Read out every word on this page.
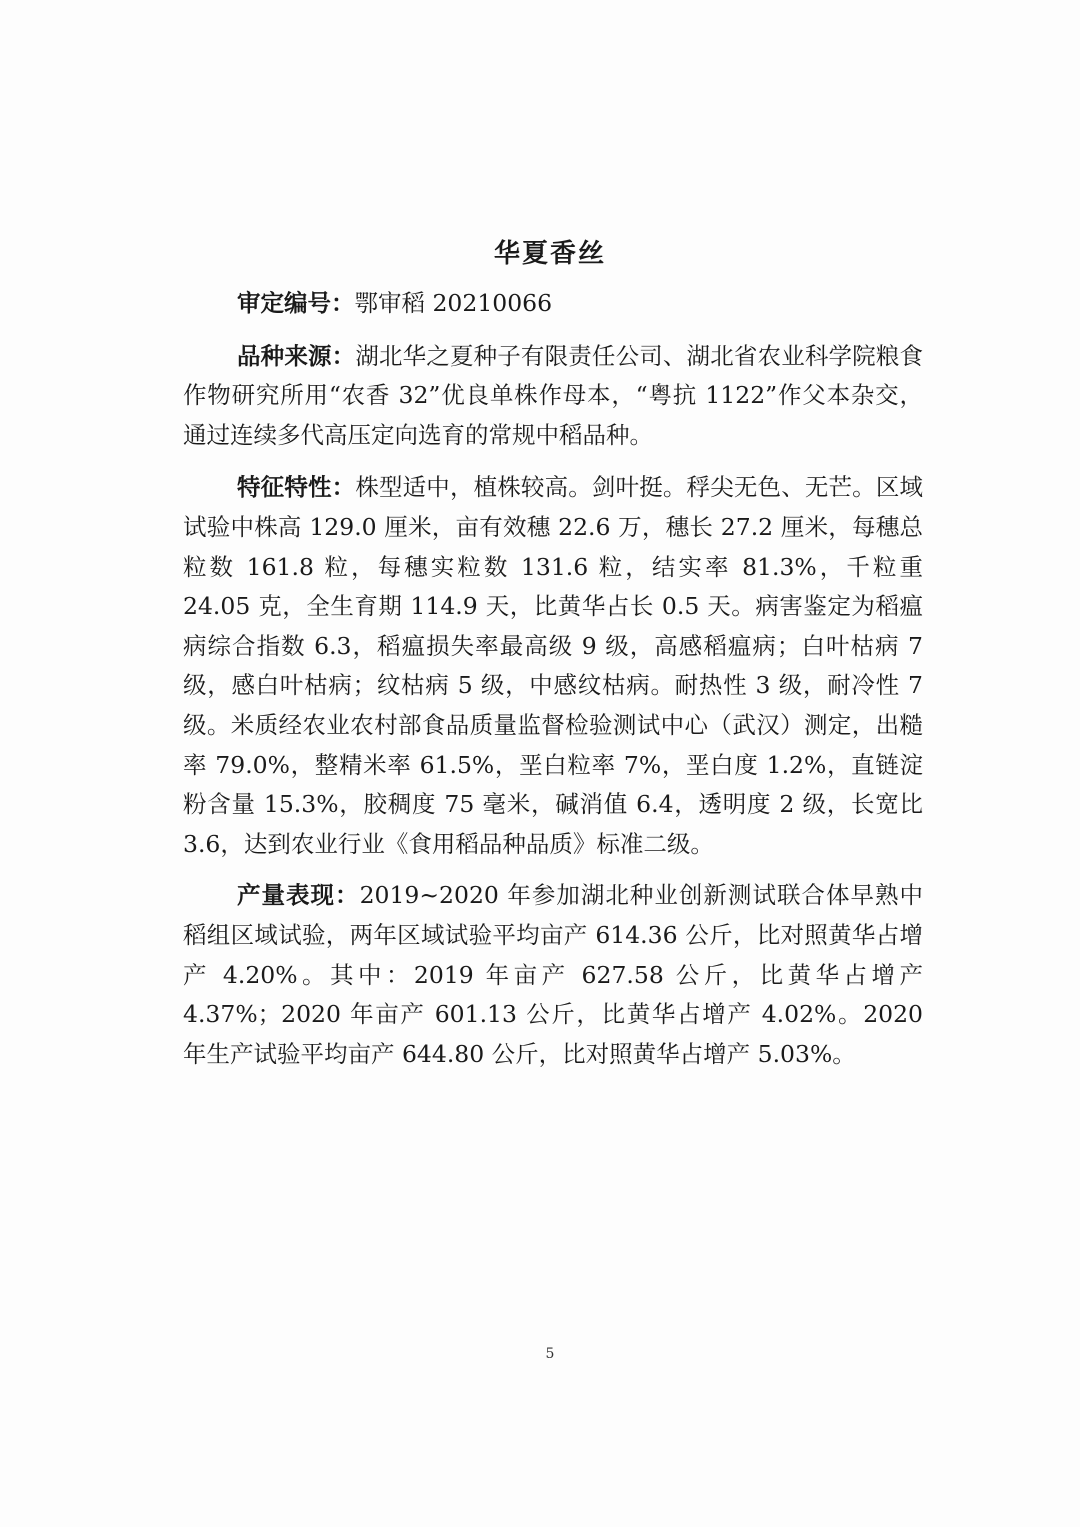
华夏香丝

审定编号：鄂审稻 20210066

品种来源：湖北华之夏种子有限责任公司、湖北省农业科学院粮食作物研究所用“农香 32”优良单株作母本，“粤抗 1122”作父本杂交，通过连续多代高压定向选育的常规中稻品种。

特征特性：株型适中，植株较高。剑叶挺。稃尖无色、无芒。区域试验中株高 129.0 厘米，亩有效穗 22.6 万，穗长 27.2 厘米，每穗总粒数 161.8 粒，每穗实粒数 131.6 粒，结实率 81.3%，千粒重 24.05 克，全生育期 114.9 天，比黄华占长 0.5 天。病害鉴定为稻瘟病综合指数 6.3，稻瘟损失率最高级 9 级，高感稻瘟病；白叶枯病 7 级，感白叶枯病；纹枯病 5 级，中感纹枯病。耐热性 3 级，耐冷性 7 级。米质经农业农村部食品质量监督检验测试中心（武汉）测定，出糙率 79.0%，整精米率 61.5%，垩白粒率 7%，垩白度 1.2%，直链淀粉含量 15.3%，胶稠度 75 毫米，碱消值 6.4，透明度 2 级，长宽比 3.6，达到农业行业《食用稻品种品质》标准二级。

产量表现：2019~2020 年参加湖北种业创新测试联合体早熟中稻组区域试验，两年区域试验平均亩产 614.36 公斤，比对照黄华占增产 4.20%。其中：2019 年亩产 627.58 公斤，比黄华占增产 4.37%；2020 年亩产 601.13 公斤，比黄华占增产 4.02%。2020 年生产试验平均亩产 644.80 公斤，比对照黄华占增产 5.03%。

5
